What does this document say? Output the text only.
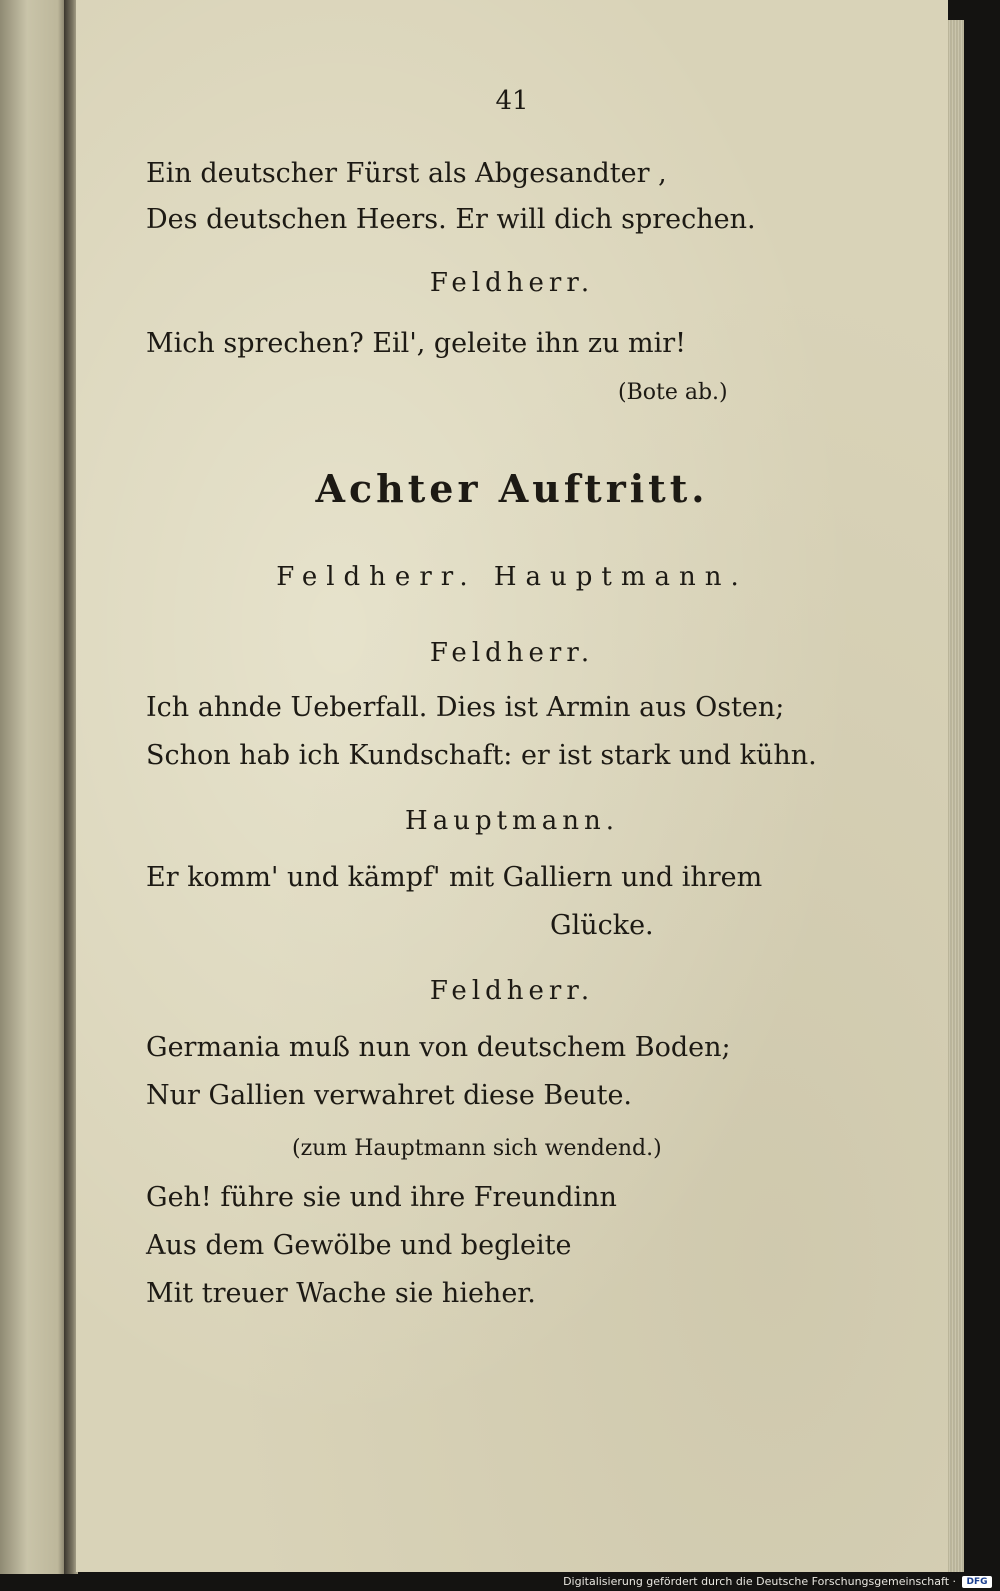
41

Ein deutscher Fürst als Abgesandter ,

Des deutschen Heers. Er will dich sprechen.

Feldherr.

Mich sprechen? Eil', geleite ihn zu mir!

(Bote ab.)

Achter Auftritt.

Feldherr. Hauptmann.

Feldherr.

Ich ahnde Ueberfall. Dies ist Armin aus Osten;

Schon hab ich Kundschaft: er ist stark und kühn.

Hauptmann.

Er komm' und kämpf' mit Galliern und ihrem

Glücke.

Feldherr.

Germania muß nun von deutschem Boden;

Nur Gallien verwahret diese Beute.

(zum Hauptmann sich wendend.)

Geh! führe sie und ihre Freundinn

Aus dem Gewölbe und begleite

Mit treuer Wache sie hieher.

Digitalisierung gefördert durch die Deutsche Forschungsgemeinschaft ·	DFG
